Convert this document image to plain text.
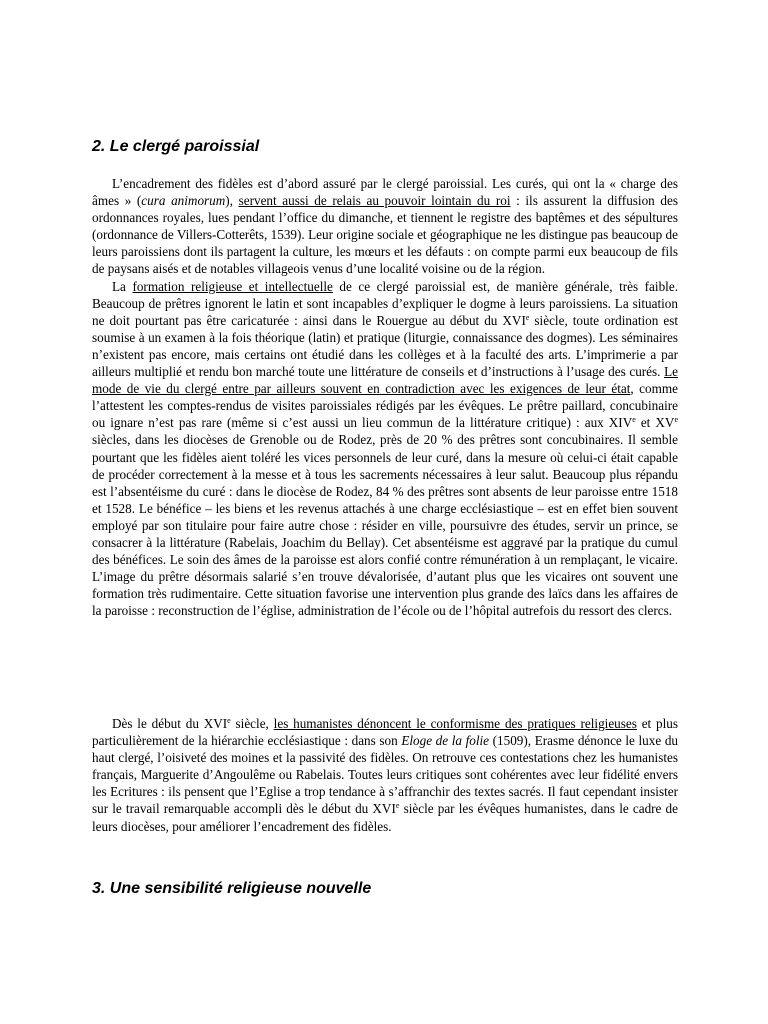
2. Le clergé paroissial

L’encadrement des fidèles est d’abord assuré par le clergé paroissial. Les curés, qui ont la « charge des âmes » (cura animorum), servent aussi de relais au pouvoir lointain du roi : ils assurent la diffusion des ordonnances royales, lues pendant l’office du dimanche, et tiennent le registre des baptêmes et des sépultures (ordonnance de Villers-Cotterêts, 1539). Leur origine sociale et géographique ne les distingue pas beaucoup de leurs paroissiens dont ils partagent la culture, les mœurs et les défauts : on compte parmi eux beaucoup de fils de paysans aisés et de notables villageois venus d’une localité voisine ou de la région.

La formation religieuse et intellectuelle de ce clergé paroissial est, de manière générale, très faible. Beaucoup de prêtres ignorent le latin et sont incapables d’expliquer le dogme à leurs paroissiens. La situation ne doit pourtant pas être caricaturée : ainsi dans le Rouergue au début du XVIe siècle, toute ordination est soumise à un examen à la fois théorique (latin) et pratique (liturgie, connaissance des dogmes). Les séminaires n’existent pas encore, mais certains ont étudié dans les collèges et à la faculté des arts. L’imprimerie a par ailleurs multiplié et rendu bon marché toute une littérature de conseils et d’instructions à l’usage des curés. Le mode de vie du clergé entre par ailleurs souvent en contradiction avec les exigences de leur état, comme l’attestent les comptes-rendus de visites paroissiales rédigés par les évêques. Le prêtre paillard, concubinaire ou ignare n’est pas rare (même si c’est aussi un lieu commun de la littérature critique) : aux XIVe et XVe siècles, dans les diocèses de Grenoble ou de Rodez, près de 20 % des prêtres sont concubinaires. Il semble pourtant que les fidèles aient toléré les vices personnels de leur curé, dans la mesure où celui-ci était capable de procéder correctement à la messe et à tous les sacrements nécessaires à leur salut. Beaucoup plus répandu est l’absentéisme du curé : dans le diocèse de Rodez, 84 % des prêtres sont absents de leur paroisse entre 1518 et 1528. Le bénéfice – les biens et les revenus attachés à une charge ecclésiastique – est en effet bien souvent employé par son titulaire pour faire autre chose : résider en ville, poursuivre des études, servir un prince, se consacrer à la littérature (Rabelais, Joachim du Bellay). Cet absentéisme est aggravé par la pratique du cumul des bénéfices. Le soin des âmes de la paroisse est alors confié contre rémunération à un remplaçant, le vicaire. L’image du prêtre désormais salarié s’en trouve dévalorisée, d’autant plus que les vicaires ont souvent une formation très rudimentaire. Cette situation favorise une intervention plus grande des laïcs dans les affaires de la paroisse : reconstruction de l’église, administration de l’école ou de l’hôpital autrefois du ressort des clercs.

Dès le début du XVIe siècle, les humanistes dénoncent le conformisme des pratiques religieuses et plus particulièrement de la hiérarchie ecclésiastique : dans son Eloge de la folie (1509), Erasme dénonce le luxe du haut clergé, l’oisiveté des moines et la passivité des fidèles. On retrouve ces contestations chez les humanistes français, Marguerite d’Angoulême ou Rabelais. Toutes leurs critiques sont cohérentes avec leur fidélité envers les Ecritures : ils pensent que l’Eglise a trop tendance à s’affranchir des textes sacrés. Il faut cependant insister sur le travail remarquable accompli dès le début du XVIe siècle par les évêques humanistes, dans le cadre de leurs diocèses, pour améliorer l’encadrement des fidèles.

3. Une sensibilité religieuse nouvelle
